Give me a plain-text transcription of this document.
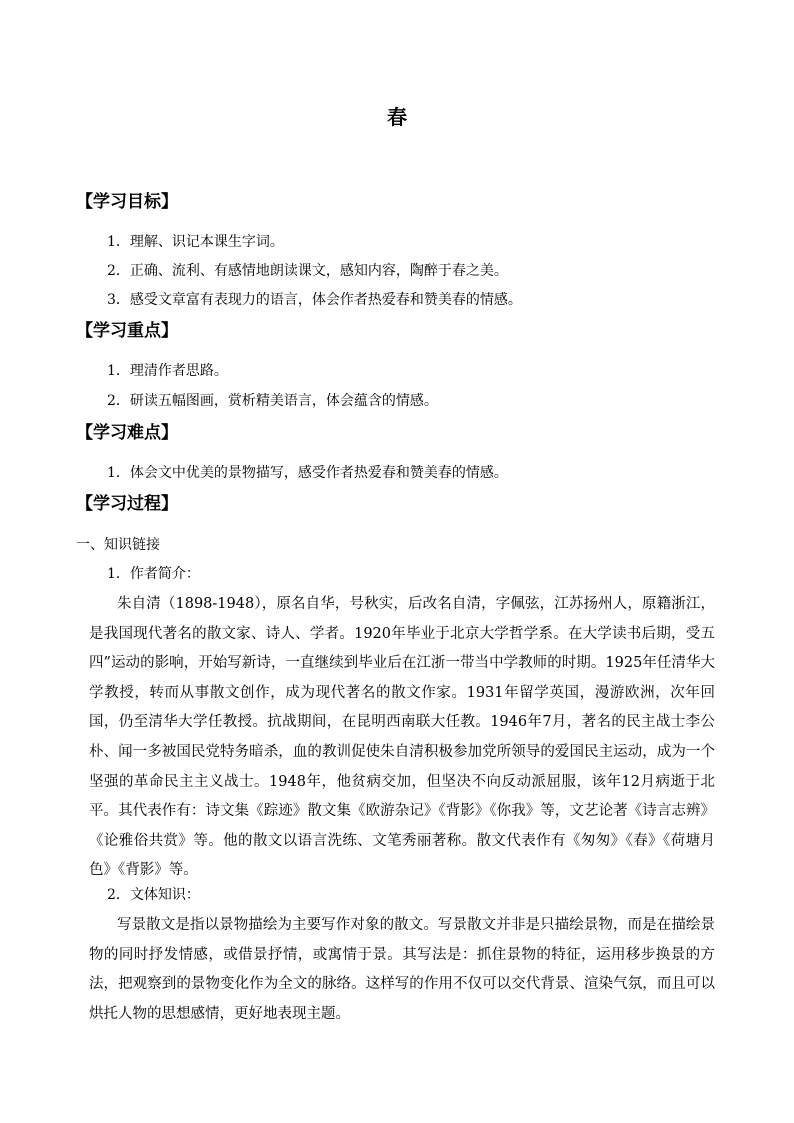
春
【学习目标】
1．理解、识记本课生字词。
2．正确、流利、有感情地朗读课文，感知内容，陶醉于春之美。
3．感受文章富有表现力的语言，体会作者热爱春和赞美春的情感。
【学习重点】
1．理清作者思路。
2．研读五幅图画，赏析精美语言，体会蕴含的情感。
【学习难点】
1．体会文中优美的景物描写，感受作者热爱春和赞美春的情感。
【学习过程】
一、知识链接
1．作者简介：
朱自清（1898-1948），原名自华，号秋实，后改名自清，字佩弦，江苏扬州人，原籍浙江，是我国现代著名的散文家、诗人、学者。1920年毕业于北京大学哲学系。在大学读书后期，受五四”运动的影响，开始写新诗，一直继续到毕业后在江浙一带当中学教师的时期。1925年任清华大学教授，转而从事散文创作，成为现代著名的散文作家。1931年留学英国，漫游欧洲，次年回国，仍至清华大学任教授。抗战期间，在昆明西南联大任教。1946年7月，著名的民主战士李公朴、闻一多被国民党特务暗杀，血的教训促使朱自清积极参加党所领导的爱国民主运动，成为一个坚强的革命民主主义战士。1948年，他贫病交加，但坚决不向反动派屈服，该年12月病逝于北平。其代表作有：诗文集《踪迹》散文集《欧游杂记》《背影》《你我》等，文艺论著《诗言志辨》《论雅俗共赏》等。他的散文以语言洗练、文笔秀丽著称。散文代表作有《匆匆》《春》《荷塘月色》《背影》等。
2．文体知识：
写景散文是指以景物描绘为主要写作对象的散文。写景散文并非是只描绘景物，而是在描绘景物的同时抒发情感，或借景抒情，或寓情于景。其写法是：抓住景物的特征，运用移步换景的方法，把观察到的景物变化作为全文的脉络。这样写的作用不仅可以交代背景、渲染气氛，而且可以烘托人物的思想感情，更好地表现主题。
